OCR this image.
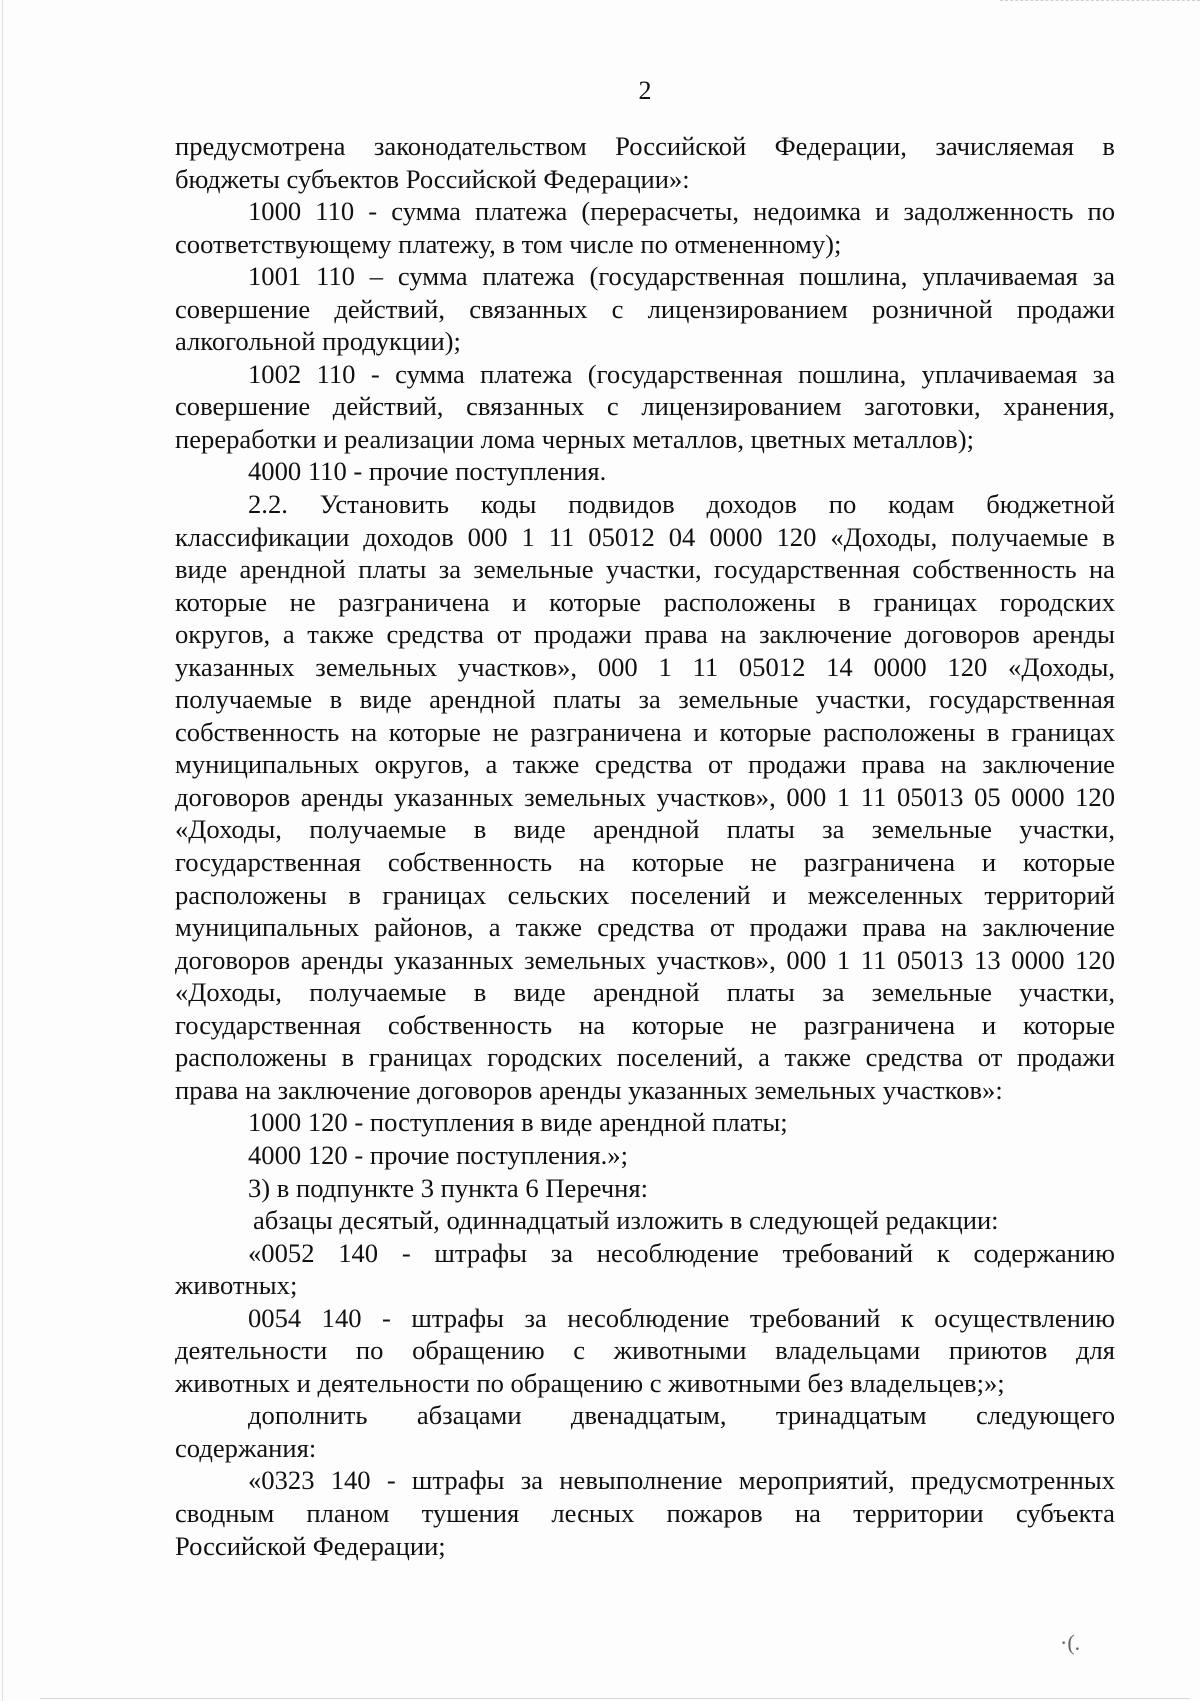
2
предусмотрена законодательством Российской Федерации, зачисляемая в
бюджеты субъектов Российской Федерации»:
1000 110 - сумма платежа (перерасчеты, недоимка и задолженность по
соответствующему платежу, в том числе по отмененному);
1001 110 – сумма платежа (государственная пошлина, уплачиваемая за
совершение действий, связанных с лицензированием розничной продажи
алкогольной продукции);
1002 110 - сумма платежа (государственная пошлина, уплачиваемая за
совершение действий, связанных с лицензированием заготовки, хранения,
переработки и реализации лома черных металлов, цветных металлов);
4000 110 - прочие поступления.
2.2. Установить коды подвидов доходов по кодам бюджетной
классификации доходов 000 1 11 05012 04 0000 120 «Доходы, получаемые в
виде арендной платы за земельные участки, государственная собственность на
которые не разграничена и которые расположены в границах городских
округов, а также средства от продажи права на заключение договоров аренды
указанных земельных участков», 000 1 11 05012 14 0000 120 «Доходы,
получаемые в виде арендной платы за земельные участки, государственная
собственность на которые не разграничена и которые расположены в границах
муниципальных округов, а также средства от продажи права на заключение
договоров аренды указанных земельных участков», 000 1 11 05013 05 0000 120
«Доходы, получаемые в виде арендной платы за земельные участки,
государственная собственность на которые не разграничена и которые
расположены в границах сельских поселений и межселенных территорий
муниципальных районов, а также средства от продажи права на заключение
договоров аренды указанных земельных участков», 000 1 11 05013 13 0000 120
«Доходы, получаемые в виде арендной платы за земельные участки,
государственная собственность на которые не разграничена и которые
расположены в границах городских поселений, а также средства от продажи
права на заключение договоров аренды указанных земельных участков»:
1000 120 - поступления в виде арендной платы;
4000 120 - прочие поступления.»;
3) в подпункте 3 пункта 6 Перечня:
абзацы десятый, одиннадцатый изложить в следующей редакции:
«0052 140 - штрафы за несоблюдение требований к содержанию
животных;
0054 140 - штрафы за несоблюдение требований к осуществлению
деятельности по обращению с животными владельцами приютов для
животных и деятельности по обращению с животными без владельцев;»;
дополнить абзацами двенадцатым, тринадцатым следующего
содержания:
«0323 140 - штрафы за невыполнение мероприятий, предусмотренных
сводным планом тушения лесных пожаров на территории субъекта
Российской Федерации;
·(.
